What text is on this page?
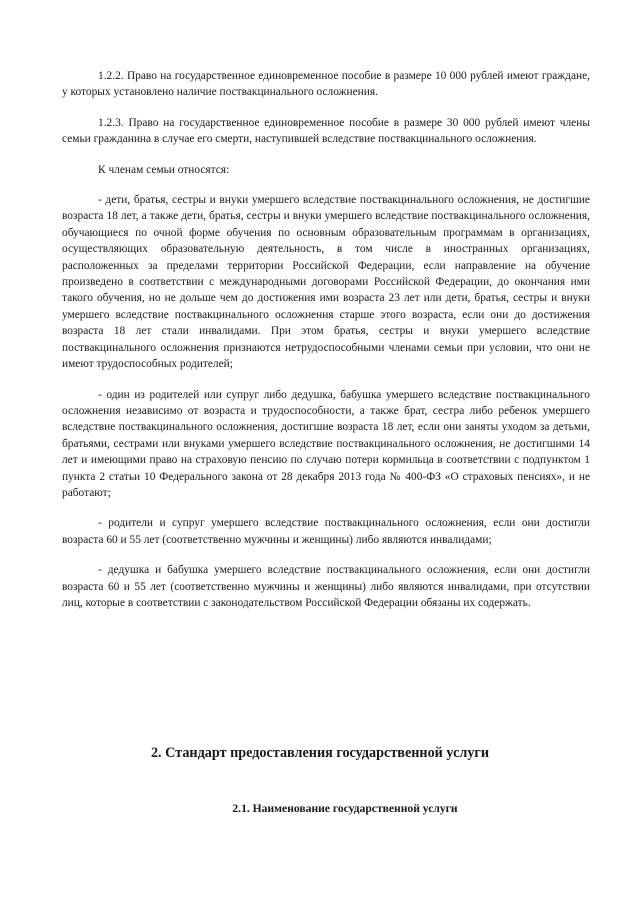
1.2.2. Право на государственное единовременное пособие в размере 10 000 рублей имеют граждане, у которых установлено наличие поствакцинального осложнения.

1.2.3. Право на государственное единовременное пособие в размере 30 000 рублей имеют члены семьи гражданина в случае его смерти, наступившей вследствие поствакцинального осложнения.

К членам семьи относятся:

- дети, братья, сестры и внуки умершего вследствие поствакцинального осложнения, не достигшие возраста 18 лет, а также дети, братья, сестры и внуки умершего вследствие поствакцинального осложнения, обучающиеся по очной форме обучения по основным образовательным программам в организациях, осуществляющих образовательную деятельность, в том числе в иностранных организациях, расположенных за пределами территории Российской Федерации, если направление на обучение произведено в соответствии с международными договорами Российской Федерации, до окончания ими такого обучения, но не дольше чем до достижения ими возраста 23 лет или дети, братья, сестры и внуки умершего вследствие поствакцинального осложнения старше этого возраста, если они до достижения возраста 18 лет стали инвалидами. При этом братья, сестры и внуки умершего вследствие поствакцинального осложнения признаются нетрудоспособными членами семьи при условии, что они не имеют трудоспособных родителей;

- один из родителей или супруг либо дедушка, бабушка умершего вследствие поствакцинального осложнения независимо от возраста и трудоспособности, а также брат, сестра либо ребенок умершего вследствие поствакцинального осложнения, достигшие возраста 18 лет, если они заняты уходом за детьми, братьями, сестрами или внуками умершего вследствие поствакцинального осложнения, не достигшими 14 лет и имеющими право на страховую пенсию по случаю потери кормильца в соответствии с подпунктом 1 пункта 2 статьи 10 Федерального закона от 28 декабря 2013 года № 400-ФЗ «О страховых пенсиях», и не работают;

- родители и супруг умершего вследствие поствакцинального осложнения, если они достигли возраста 60 и 55 лет (соответственно мужчины и женщины) либо являются инвалидами;

- дедушка и бабушка умершего вследствие поствакцинального осложнения, если они достигли возраста 60 и 55 лет (соответственно мужчины и женщины) либо являются инвалидами, при отсутствии лиц, которые в соответствии с законодательством Российской Федерации обязаны их содержать.

2. Стандарт предоставления государственной услуги
2.1. Наименование государственной услуги
